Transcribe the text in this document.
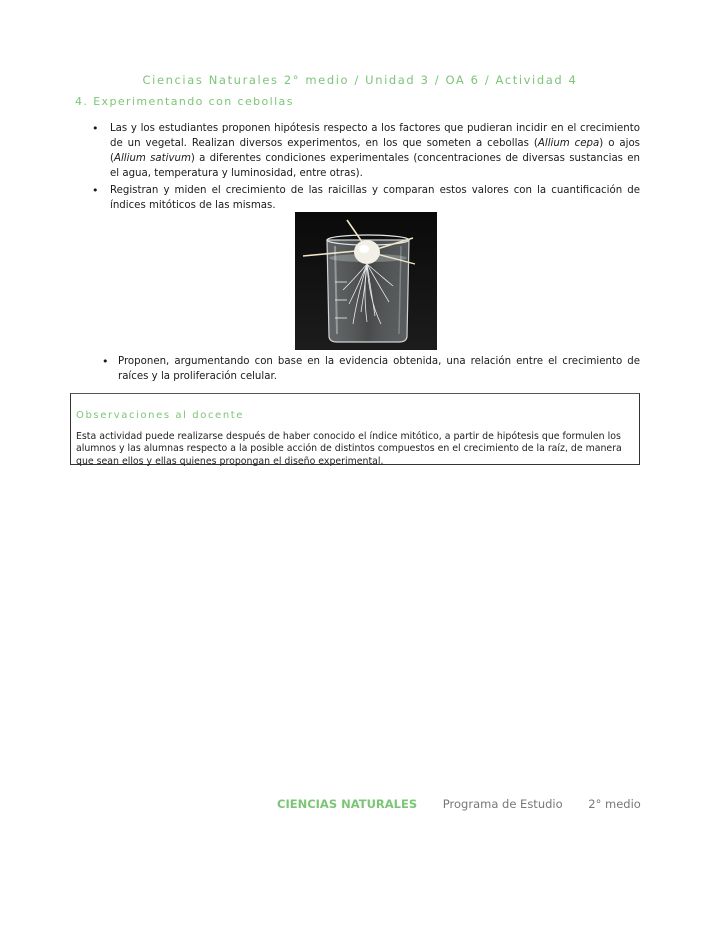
Ciencias Naturales 2° medio / Unidad 3 / OA 6 / Actividad 4
4. Experimentando con cebollas
• Las y los estudiantes proponen hipótesis respecto a los factores que pudieran incidir en el crecimiento de un vegetal. Realizan diversos experimentos, en los que someten a cebollas (Allium cepa) o ajos (Allium sativum) a diferentes condiciones experimentales (concentraciones de diversas sustancias en el agua, temperatura y luminosidad, entre otras).
• Registran y miden el crecimiento de las raicillas y comparan estos valores con la cuantificación de índices mitóticos de las mismas.
• Proponen, argumentando con base en la evidencia obtenida, una relación entre el crecimiento de raíces y la proliferación celular.
Observaciones al docente
Esta actividad puede realizarse después de haber conocido el índice mitótico, a partir de hipótesis que formulen los alumnos y las alumnas respecto a la posible acción de distintos compuestos en el crecimiento de la raíz, de manera que sean ellos y ellas quienes propongan el diseño experimental.
CIENCIAS NATURALES Programa de Estudio 2° medio
